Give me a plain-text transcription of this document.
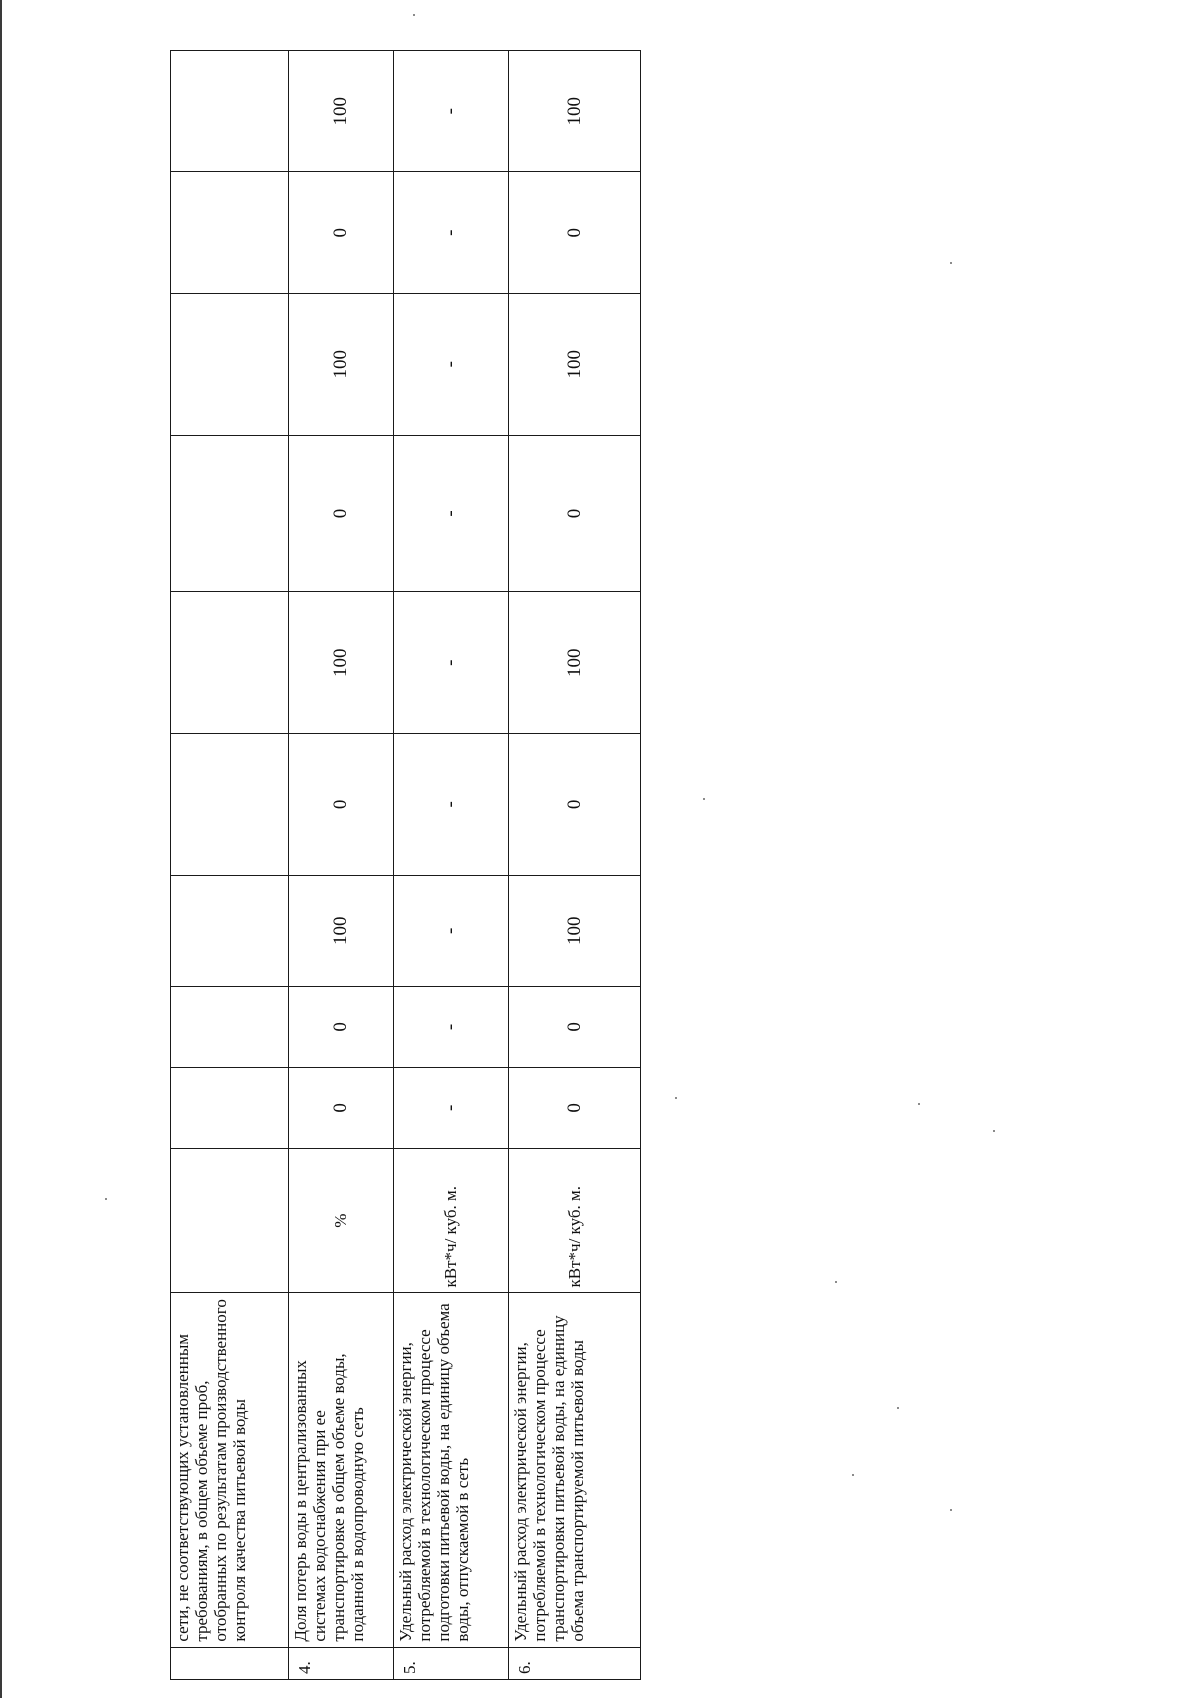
	сети, не соответствующих установленным требованиям, в общем объеме проб, отобранных по результатам производственного контроля качества питьевой воды										
4.	Доля потерь воды в централизованных системах водоснабжения при ее транспортировке в общем объеме воды, поданной в водопроводную сеть	%	0	0	100	0	100	0	100	0	100
5.	Удельный расход электрической энергии, потребляемой в технологическом процессе подготовки питьевой воды, на единицу объема воды, отпускаемой в сеть	кВт*ч/ куб. м.	-	-	-	-	-	-	-	-	-
6.	Удельный расход электрической энергии, потребляемой в технологическом процессе транспортировки питьевой воды, на единицу объема транспортируемой питьевой воды	кВт*ч/ куб. м.	0	0	100	0	100	0	100	0	100
